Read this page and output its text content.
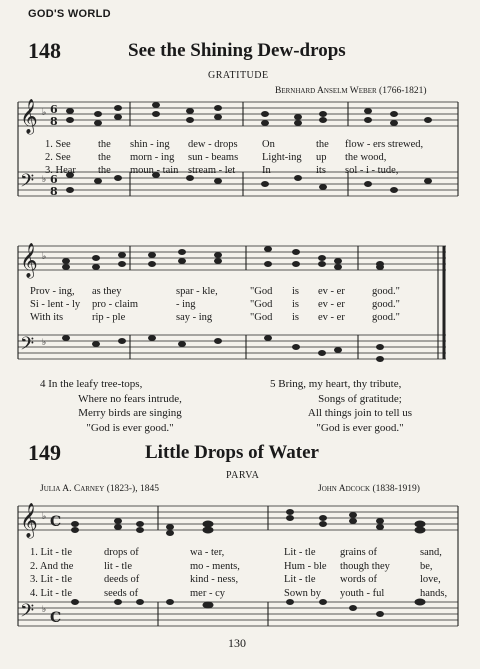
GOD'S WORLD
148	See the Shining Dew-drops
GRATITUDE
Bernhard Anselm Weber (1766-1821)
𝄞 ♭ 6
8
𝄢 ♭ 6
8
1. See
2. See
3. Hear
the
the
the
shin - ing
morn - ing
moun - tain
dew - drops
sun - beams
stream - let
On
Light-ing
In
the
up
its
flow - ers strewed,
the wood,
sol - i - tude,
𝄞 ♭
𝄢 ♭
Prov - ing,
Si - lent - ly
With its
as they
pro - claim
rip - ple
spar - kle,
- ing
say - ing
"God
"God
"God
is
is
is
ev - er
ev - er
ev - er
good."
good."
good."
4 In the leafy tree-tops,
Where no fears intrude,
Merry birds are singing
"God is ever good."
5 Bring, my heart, thy tribute,
Songs of gratitude;
All things join to tell us
"God is ever good."
149	Little Drops of Water
PARVA
Julia A. Carney (1823-), 1845	John Adcock (1838-1919)
𝄞 ♭ C
𝄢 ♭ C
1. Lit - tle
2. And the
3. Lit - tle
4. Lit - tle
drops of
lit - tle
deeds of
seeds of
wa - ter,
mo - ments,
kind - ness,
mer - cy
Lit - tle
Hum - ble
Lit - tle
Sown by
grains of
though they
words of
youth - ful
sand,
be,
love,
hands,
130
